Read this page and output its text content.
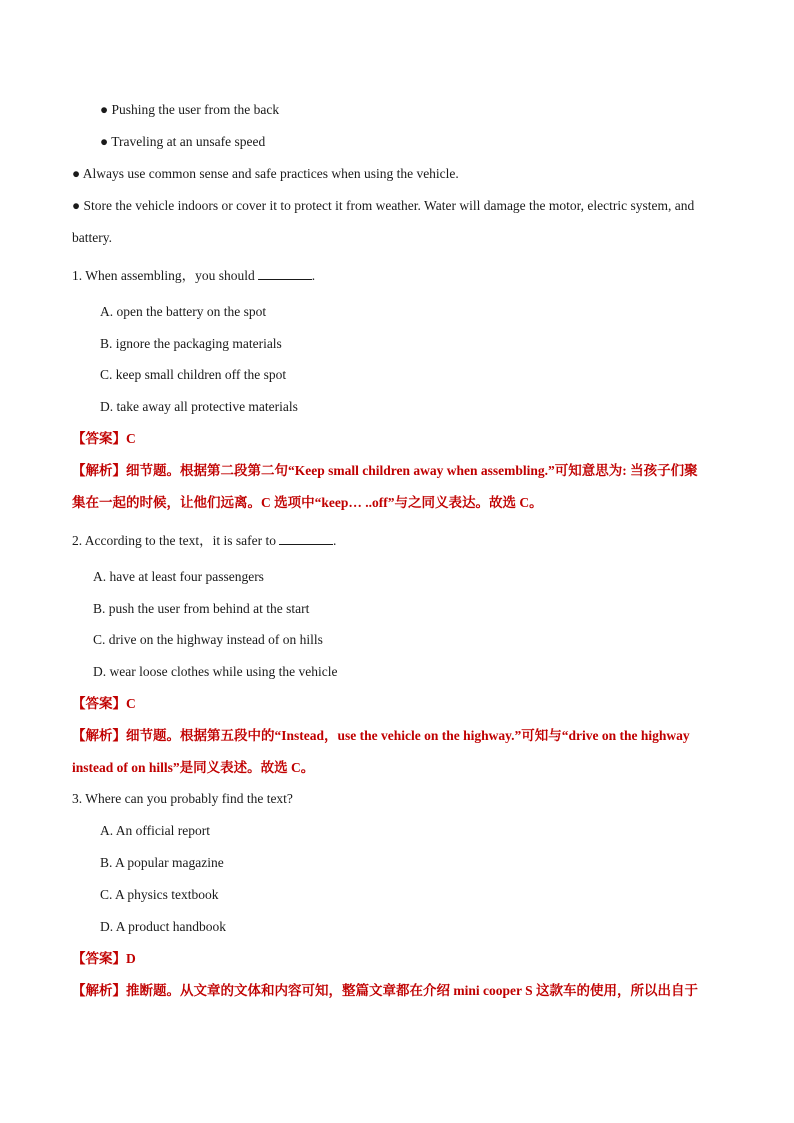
● Pushing the user from the back
● Traveling at an unsafe speed
● Always use common sense and safe practices when using the vehicle.
● Store the vehicle indoors or cover it to protect it from weather. Water will damage the motor, electric system, and
battery.
1. When assembling，you should	.
A. open the battery on the spot
B. ignore the packaging materials
C. keep small children off the spot
D. take away all protective materials
【答案】C
【解析】细节题。根据第二段第二句“Keep small children away when assembling.”可知意思为: 当孩子们聚
集在一起的时候，让他们远离。C 选项中“keep… ..off”与之同义表达。故选 C。
2. According to the text，it is safer to	.
A. have at least four passengers
B. push the user from behind at the start
C. drive on the highway instead of on hills
D. wear loose clothes while using the vehicle
【答案】C
【解析】细节题。根据第五段中的“Instead，use the vehicle on the highway.”可知与“drive on the highway
instead of on hills”是同义表述。故选 C。
3. Where can you probably find the text?
A. An official report
B. A popular magazine
C. A physics textbook
D. A product handbook
【答案】D
【解析】推断题。从文章的文体和内容可知，整篇文章都在介绍 mini cooper S 这款车的使用，所以出自于
